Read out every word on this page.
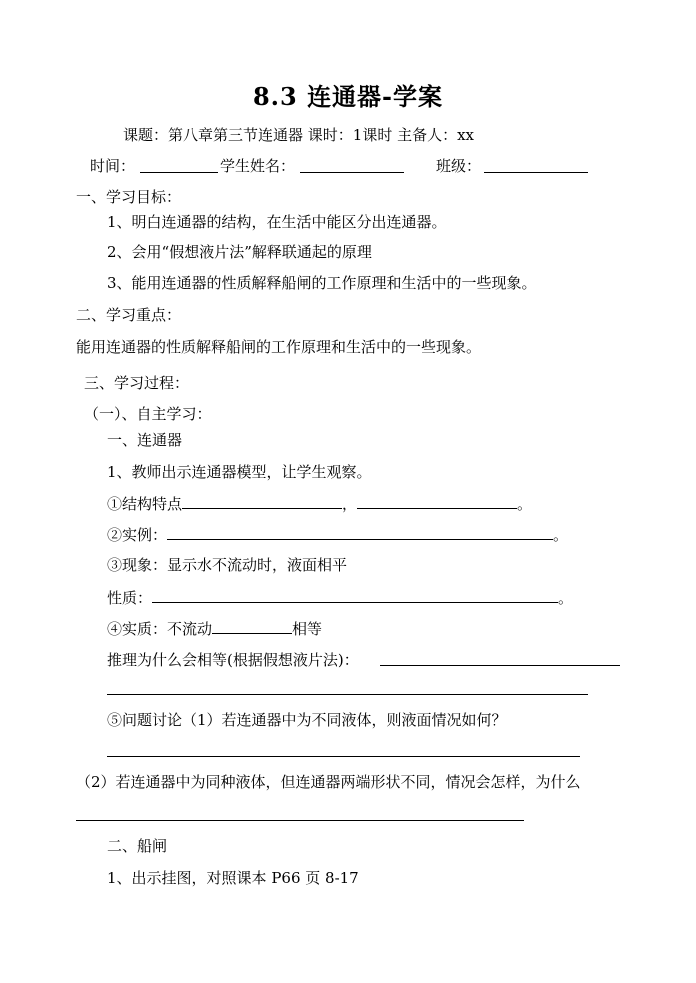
8.3 连通器-学案
课题：第八章第三节连通器 课时：1课时 主备人：xx
时间：	学生姓名：	班级：
一、学习目标：
1、明白连通器的结构，在生活中能区分出连通器。
2、会用“假想液片法”解释联通起的原理
3、能用连通器的性质解释船闸的工作原理和生活中的一些现象。
二、学习重点：
能用连通器的性质解释船闸的工作原理和生活中的一些现象。
三、学习过程：
（一）、自主学习：
一、连通器
1、教师出示连通器模型，让学生观察。
①结构特点	，	。
②实例：	。
③现象：显示水不流动时，液面相平
性质：	。
④实质：不流动	相等
推理为什么会相等(根据假想液片法)：
⑤问题讨论（1）若连通器中为不同液体，则液面情况如何？
（2）若连通器中为同种液体，但连通器两端形状不同，情况会怎样，为什么
二、船闸
1、出示挂图，对照课本 P66 页 8-17
